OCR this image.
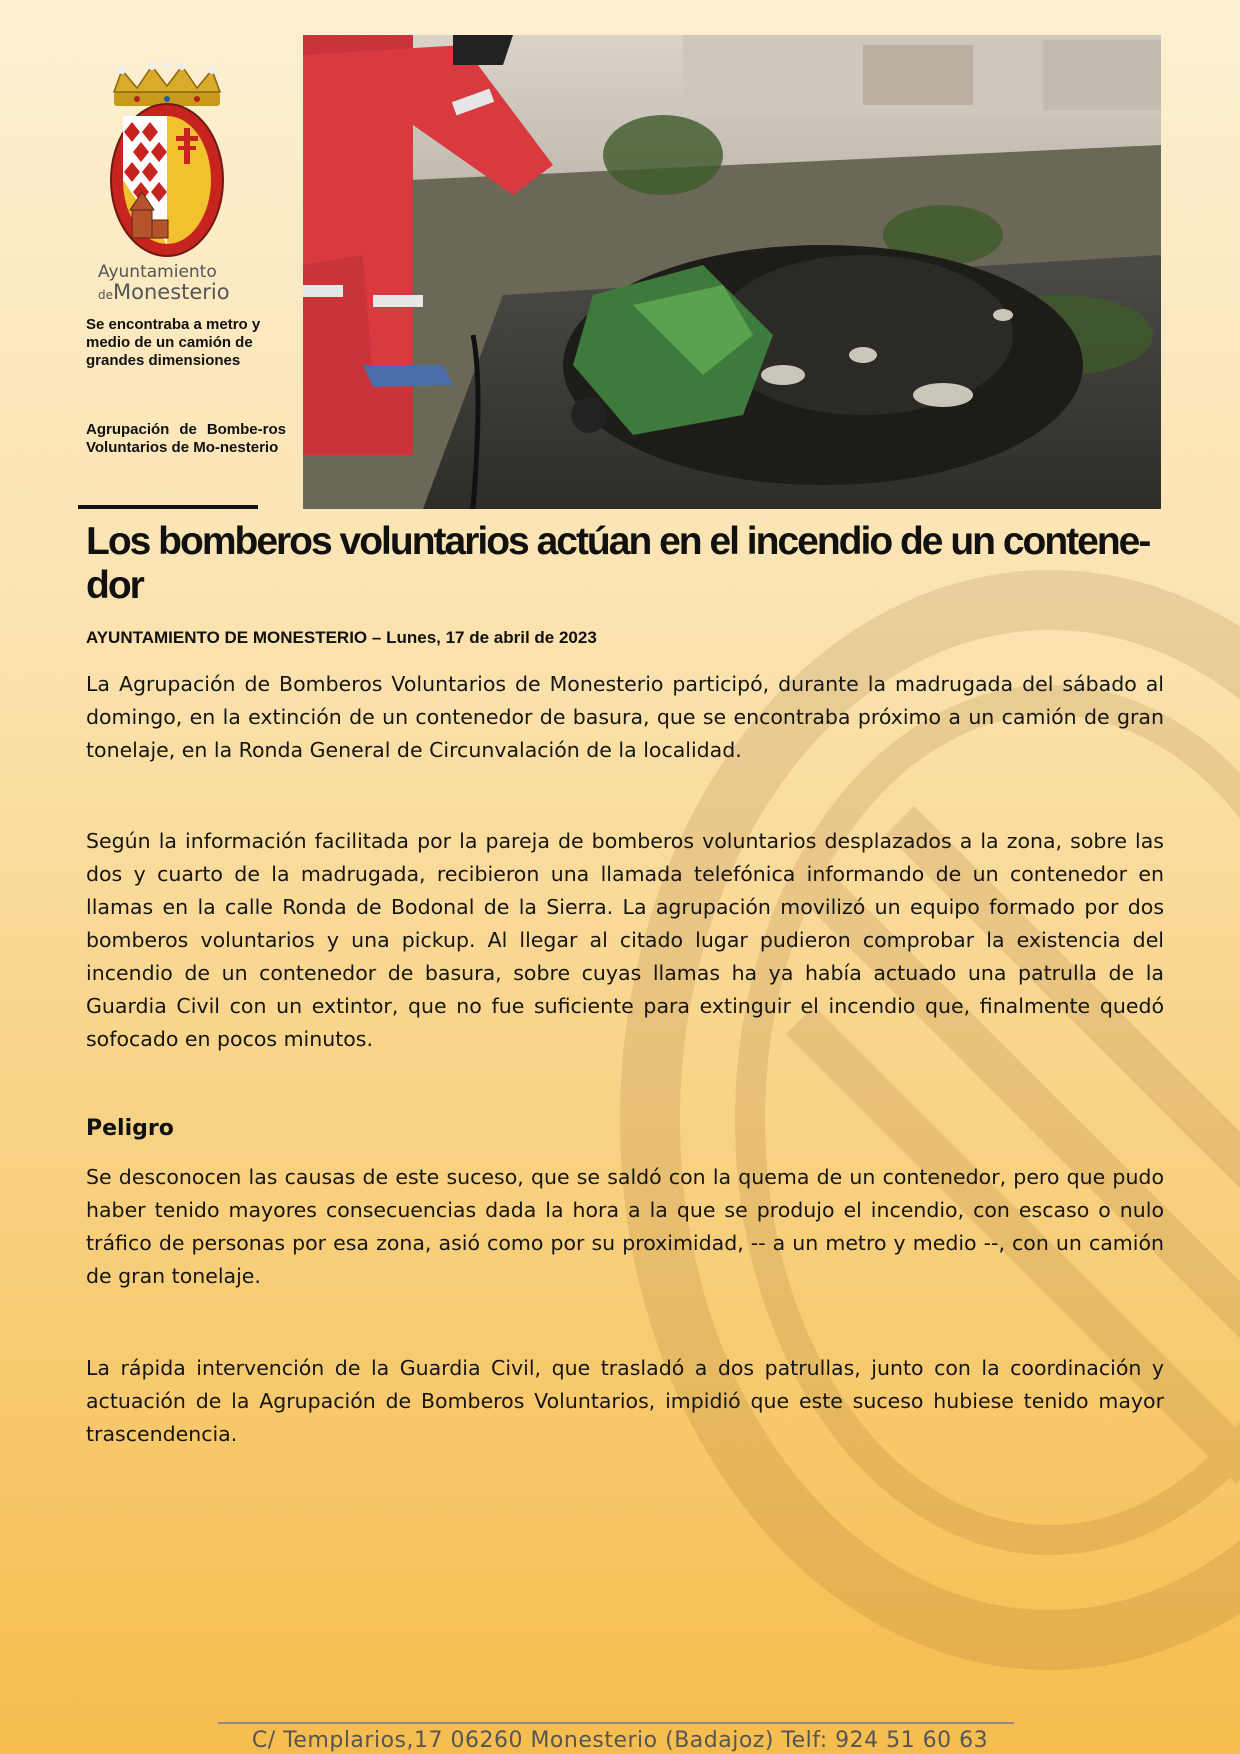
Ayuntamiento
deMonesterio
Se encontraba a metro y medio de un camión de grandes dimensiones
Agrupación de Bombe-ros Voluntarios de Mo-nesterio
Los bomberos voluntarios actúan en el incendio de un contene-dor
AYUNTAMIENTO DE MONESTERIO – Lunes, 17 de abril de 2023

La Agrupación de Bomberos Voluntarios de Monesterio participó, durante la madrugada del sábado al domingo, en la extinción de un contenedor de basura, que se encontraba próximo a un camión de gran tonelaje, en la Ronda General de Circunvalación de la localidad.

Según la información facilitada por la pareja de bomberos voluntarios desplazados a la zona, sobre las dos y cuarto de la madrugada, recibieron una llamada telefónica informando de un contenedor en llamas en la calle Ronda de Bodonal de la Sierra. La agrupación movilizó un equipo formado por dos bomberos voluntarios y una pickup. Al llegar al citado lugar pudieron comprobar la existencia del incendio de un contenedor de basura, sobre cuyas llamas ha ya había actuado una patrulla de la Guardia Civil con un extintor, que no fue suficiente para extinguir el incendio que, finalmente quedó sofocado en pocos minutos.

Peligro

Se desconocen las causas de este suceso, que se saldó con la quema de un contenedor, pero que pudo haber tenido mayores consecuencias dada la hora a la que se produjo el incendio, con escaso o nulo tráfico de personas por esa zona, asió como por su proximidad, -- a un metro y medio --, con un camión de gran tonelaje.

La rápida intervención de la Guardia Civil, que trasladó a dos patrullas, junto con la coordinación y actuación de la Agrupación de Bomberos Voluntarios, impidió que este suceso hubiese tenido mayor trascendencia.

C/ Templarios,17 06260 Monesterio (Badajoz) Telf: 924 51 60 63
